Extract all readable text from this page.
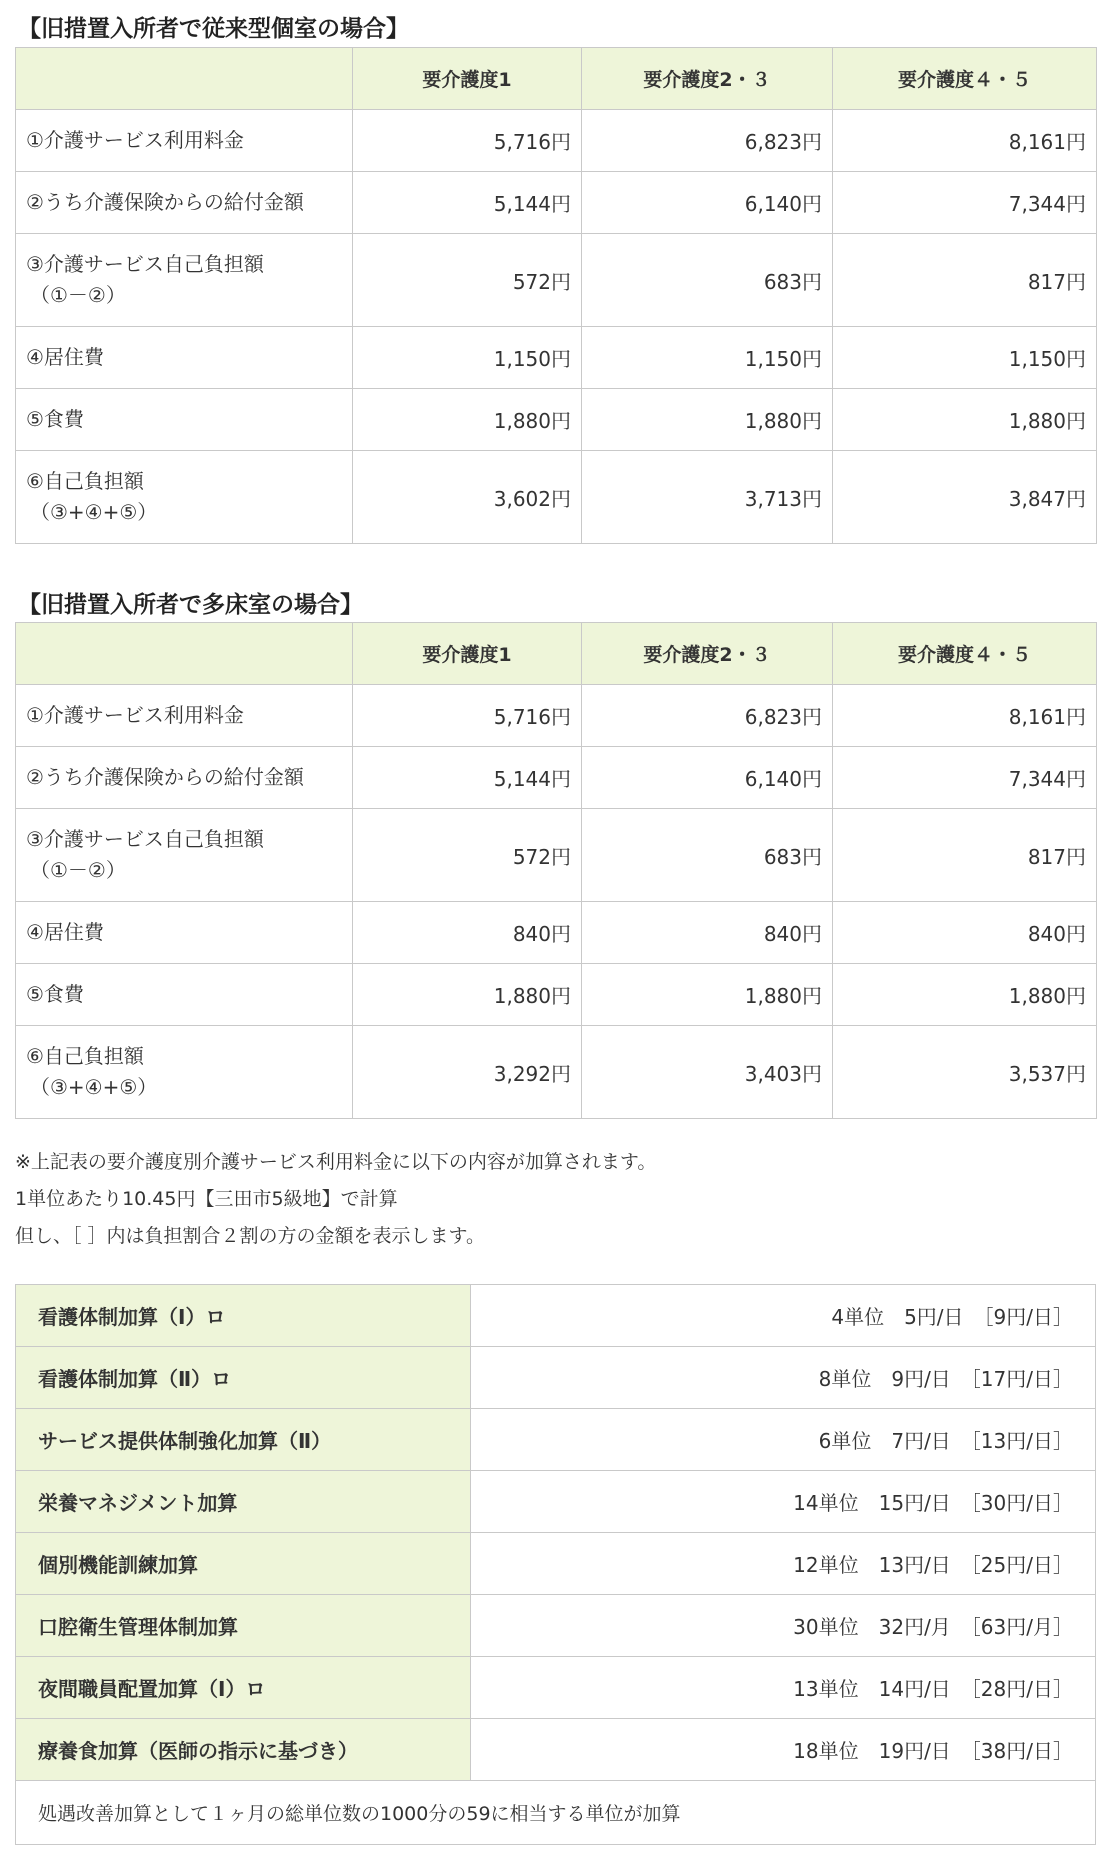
【旧措置入所者で従来型個室の場合】
	要介護度1	要介護度2・３	要介護度４・５
①介護サービス利用料金	5,716円	6,823円	8,161円
②うち介護保険からの給付金額	5,144円	6,140円	7,344円
③介護サービス自己負担額
（①－②）	572円	683円	817円
④居住費	1,150円	1,150円	1,150円
⑤食費	1,880円	1,880円	1,880円
⑥自己負担額
（③+④+⑤）	3,602円	3,713円	3,847円
【旧措置入所者で多床室の場合】
	要介護度1	要介護度2・３	要介護度４・５
①介護サービス利用料金	5,716円	6,823円	8,161円
②うち介護保険からの給付金額	5,144円	6,140円	7,344円
③介護サービス自己負担額
（①－②）	572円	683円	817円
④居住費	840円	840円	840円
⑤食費	1,880円	1,880円	1,880円
⑥自己負担額
（③+④+⑤）	3,292円	3,403円	3,537円
※上記表の要介護度別介護サービス利用料金に以下の内容が加算されます。
1単位あたり10.45円【三田市5級地】で計算
但し、［ ］内は負担割合２割の方の金額を表示します。
看護体制加算（Ⅰ）ロ	4単位　5円/日　［9円/日］
看護体制加算（Ⅱ）ロ	8単位　9円/日　［17円/日］
サービス提供体制強化加算（Ⅱ）	6単位　7円/日　［13円/日］
栄養マネジメント加算	14単位　15円/日　［30円/日］
個別機能訓練加算	12単位　13円/日　［25円/日］
口腔衛生管理体制加算	30単位　32円/月　［63円/月］
夜間職員配置加算（Ⅰ）ロ	13単位　14円/日　［28円/日］
療養食加算（医師の指示に基づき）	18単位　19円/日　［38円/日］
処遇改善加算として１ヶ月の総単位数の1000分の59に相当する単位が加算	
